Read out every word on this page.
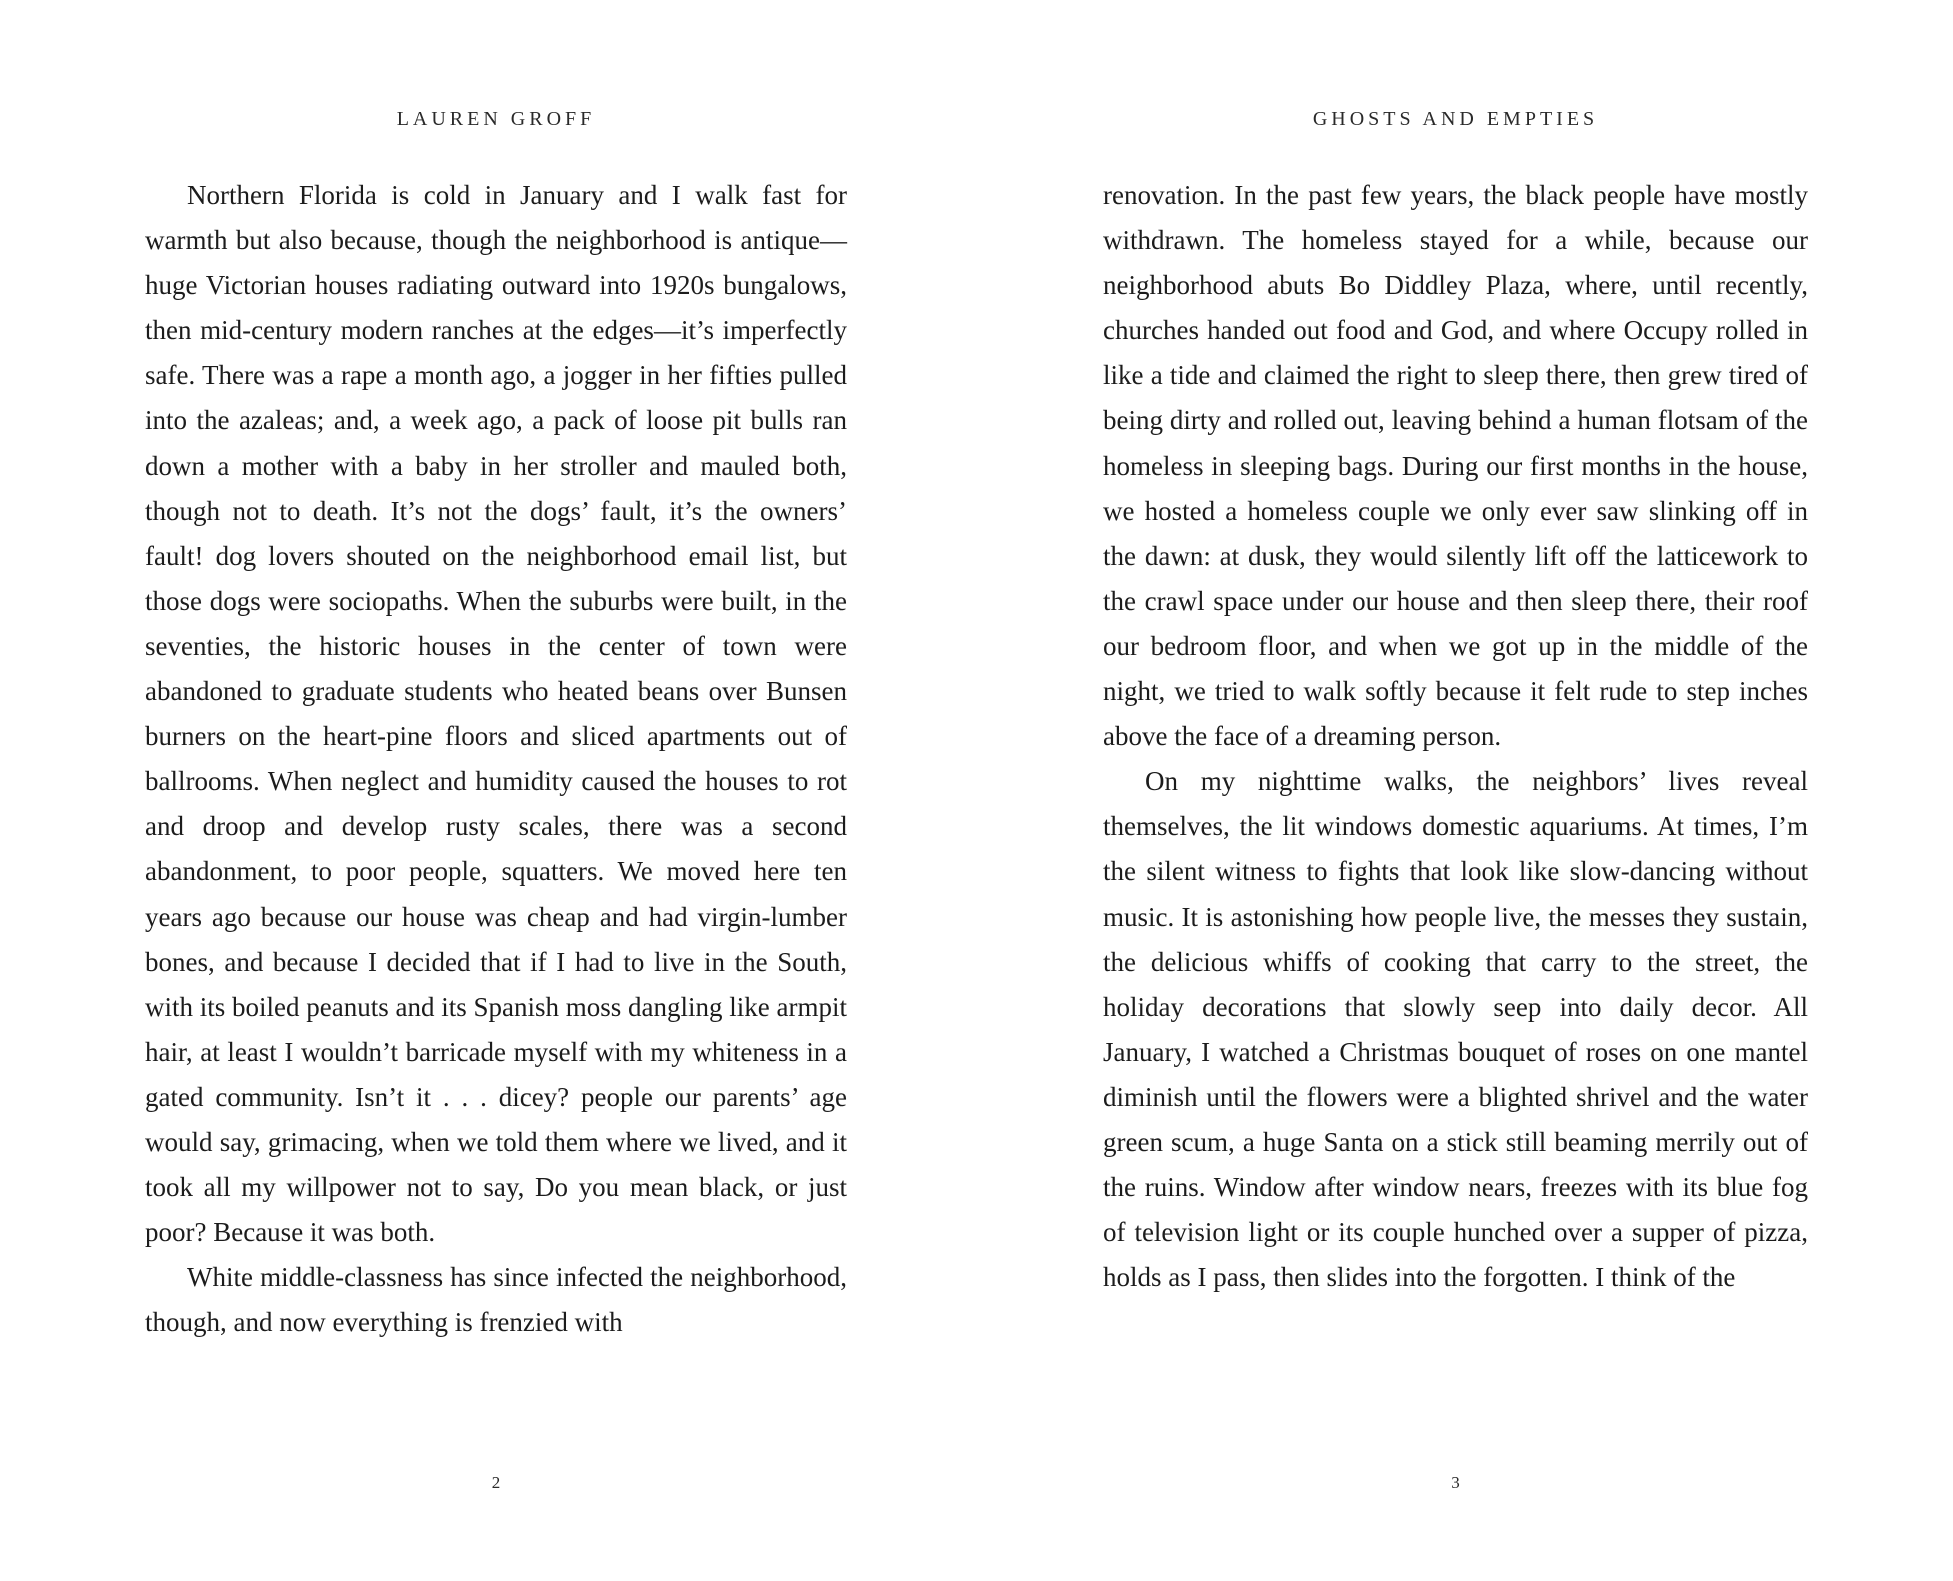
LAUREN GROFF

Northern Florida is cold in January and I walk fast for warmth but also because, though the neighborhood is antique—huge Victorian houses radiating outward into 1920s bungalows, then mid-century modern ranches at the edges—it’s imperfectly safe. There was a rape a month ago, a jogger in her fifties pulled into the azaleas; and, a week ago, a pack of loose pit bulls ran down a mother with a baby in her stroller and mauled both, though not to death. It’s not the dogs’ fault, it’s the owners’ fault! dog lovers shouted on the neighborhood email list, but those dogs were sociopaths. When the suburbs were built, in the seventies, the historic houses in the center of town were abandoned to graduate students who heated beans over Bunsen burners on the heart-pine floors and sliced apartments out of ballrooms. When neglect and humidity caused the houses to rot and droop and develop rusty scales, there was a second abandonment, to poor people, squatters. We moved here ten years ago because our house was cheap and had virgin-lumber bones, and because I decided that if I had to live in the South, with its boiled peanuts and its Spanish moss dangling like armpit hair, at least I wouldn’t barricade myself with my whiteness in a gated community. Isn’t it . . . dicey? people our parents’ age would say, grimacing, when we told them where we lived, and it took all my willpower not to say, Do you mean black, or just poor? Because it was both.

White middle-classness has since infected the neighborhood, though, and now everything is frenzied with

2
GHOSTS AND EMPTIES

renovation. In the past few years, the black people have mostly withdrawn. The homeless stayed for a while, because our neighborhood abuts Bo Diddley Plaza, where, until recently, churches handed out food and God, and where Occupy rolled in like a tide and claimed the right to sleep there, then grew tired of being dirty and rolled out, leaving behind a human flotsam of the homeless in sleeping bags. During our first months in the house, we hosted a homeless couple we only ever saw slinking off in the dawn: at dusk, they would silently lift off the latticework to the crawl space under our house and then sleep there, their roof our bedroom floor, and when we got up in the middle of the night, we tried to walk softly because it felt rude to step inches above the face of a dreaming person.

On my nighttime walks, the neighbors’ lives reveal themselves, the lit windows domestic aquariums. At times, I’m the silent witness to fights that look like slow-dancing without music. It is astonishing how people live, the messes they sustain, the delicious whiffs of cooking that carry to the street, the holiday decorations that slowly seep into daily decor. All January, I watched a Christmas bouquet of roses on one mantel diminish until the flowers were a blighted shrivel and the water green scum, a huge Santa on a stick still beaming merrily out of the ruins. Window after window nears, freezes with its blue fog of television light or its couple hunched over a supper of pizza, holds as I pass, then slides into the forgotten. I think of the

3
